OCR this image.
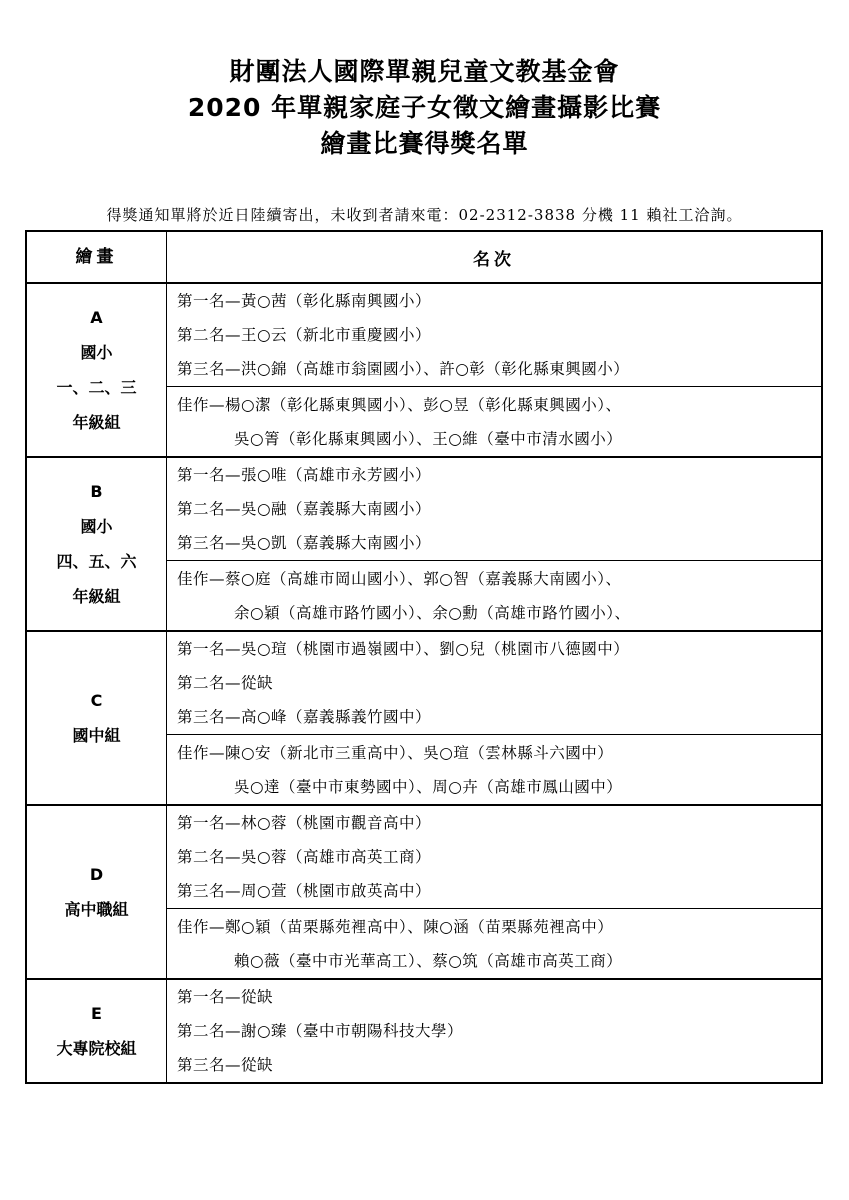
財團法人國際單親兒童文教基金會
2020 年單親家庭子女徵文繪畫攝影比賽
繪畫比賽得獎名單
得獎通知單將於近日陸續寄出，未收到者請來電：02-2312-3838 分機 11 賴社工洽詢。
繪畫	名次
A
國小
一、二、三
年級組
第一名—黃○茜（彰化縣南興國小）
第二名—王○云（新北市重慶國小）
第三名—洪○錦（高雄市翁園國小）、許○彰（彰化縣東興國小）
佳作—楊○潔（彰化縣東興國小）、彭○昱（彰化縣東興國小）、
吳○箐（彰化縣東興國小）、王○維（臺中市清水國小）
B
國小
四、五、六
年級組
第一名—張○唯（高雄市永芳國小）
第二名—吳○融（嘉義縣大南國小）
第三名—吳○凱（嘉義縣大南國小）
佳作—蔡○庭（高雄市岡山國小）、郭○智（嘉義縣大南國小）、
余○穎（高雄市路竹國小）、余○勳（高雄市路竹國小）、
C
國中組
第一名—吳○瑄（桃園市過嶺國中）、劉○兒（桃園市八德國中）
第二名—從缺
第三名—高○峰（嘉義縣義竹國中）
佳作—陳○安（新北市三重高中）、吳○瑄（雲林縣斗六國中）
吳○達（臺中市東勢國中）、周○卉（高雄市鳳山國中）
D
高中職組
第一名—林○蓉（桃園市觀音高中）
第二名—吳○蓉（高雄市高英工商）
第三名—周○萱（桃園市啟英高中）
佳作—鄭○穎（苗栗縣苑裡高中）、陳○涵（苗栗縣苑裡高中）
賴○薇（臺中市光華高工）、蔡○筑（高雄市高英工商）
E
大專院校組
第一名—從缺
第二名—謝○臻（臺中市朝陽科技大學）
第三名—從缺
